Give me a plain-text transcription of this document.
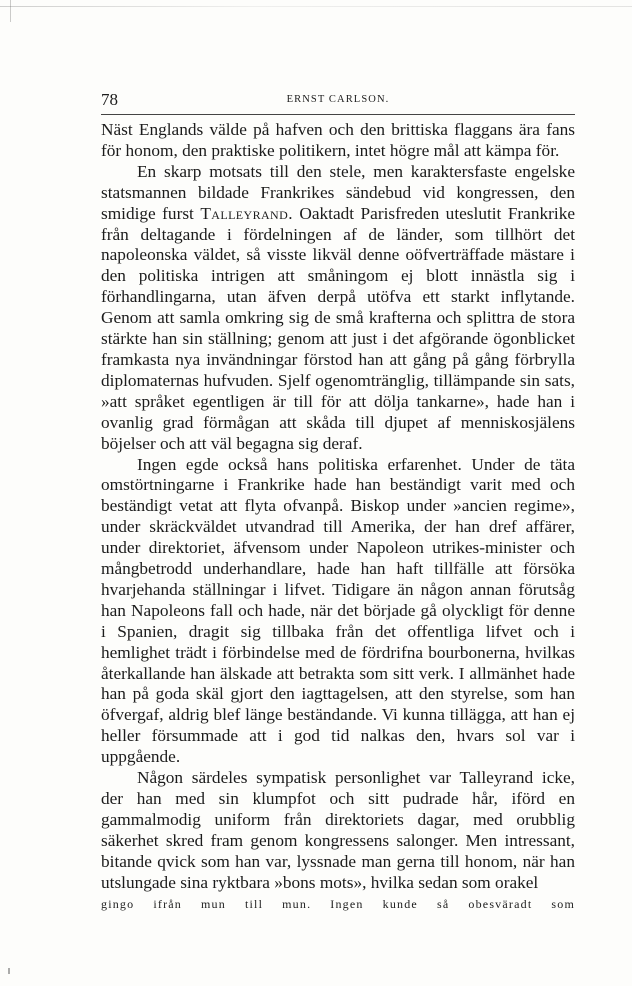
78	ERNST CARLSON.

Näst Englands välde på hafven och den brittiska flaggans ära fans för honom, den praktiske politikern, intet högre mål att kämpa för.

En skarp motsats till den stele, men karaktersfaste engelske statsmannen bildade Frankrikes sändebud vid kongressen, den smidige furst Talleyrand. Oaktadt Parisfreden uteslutit Frankrike från deltagande i fördelningen af de länder, som tillhört det napoleonska väldet, så visste likväl denne oöfverträffade mästare i den politiska intrigen att småningom ej blott innästla sig i förhandlingarna, utan äfven derpå utöfva ett starkt inflytande. Genom att samla omkring sig de små krafterna och splittra de stora stärkte han sin ställning; genom att just i det afgörande ögonblicket framkasta nya invändningar förstod han att gång på gång förbrylla diplomaternas hufvuden. Sjelf ogenomtränglig, tillämpande sin sats, »att språket egentligen är till för att dölja tankarne», hade han i ovanlig grad förmågan att skåda till djupet af menniskosjälens böjelser och att väl begagna sig deraf.

Ingen egde också hans politiska erfarenhet. Under de täta omstörtningarne i Frankrike hade han beständigt varit med och beständigt vetat att flyta ofvanpå. Biskop under »ancien regime», under skräckväldet utvandrad till Amerika, der han dref affärer, under direktoriet, äfvensom under Napoleon utrikes-minister och mångbetrodd underhandlare, hade han haft tillfälle att försöka hvarjehanda ställningar i lifvet. Tidigare än någon annan förutsåg han Napoleons fall och hade, när det började gå olyckligt för denne i Spanien, dragit sig tillbaka från det offentliga lifvet och i hemlighet trädt i förbindelse med de fördrifna bourbonerna, hvilkas återkallande han älskade att betrakta som sitt verk. I allmänhet hade han på goda skäl gjort den iagttagelsen, att den styrelse, som han öfvergaf, aldrig blef länge beständande. Vi kunna tillägga, att han ej heller försummade att i god tid nalkas den, hvars sol var i uppgående.

Någon särdeles sympatisk personlighet var Talleyrand icke, der han med sin klumpfot och sitt pudrade hår, iförd en gammalmodig uniform från direktoriets dagar, med orubblig säkerhet skred fram genom kongressens salonger. Men intressant, bitande qvick som han var, lyssnade man gerna till honom, när han utslungade sina ryktbara »bons mots», hvilka sedan som orakel

gingo ifrån mun till mun. Ingen kunde så obesväradt som
